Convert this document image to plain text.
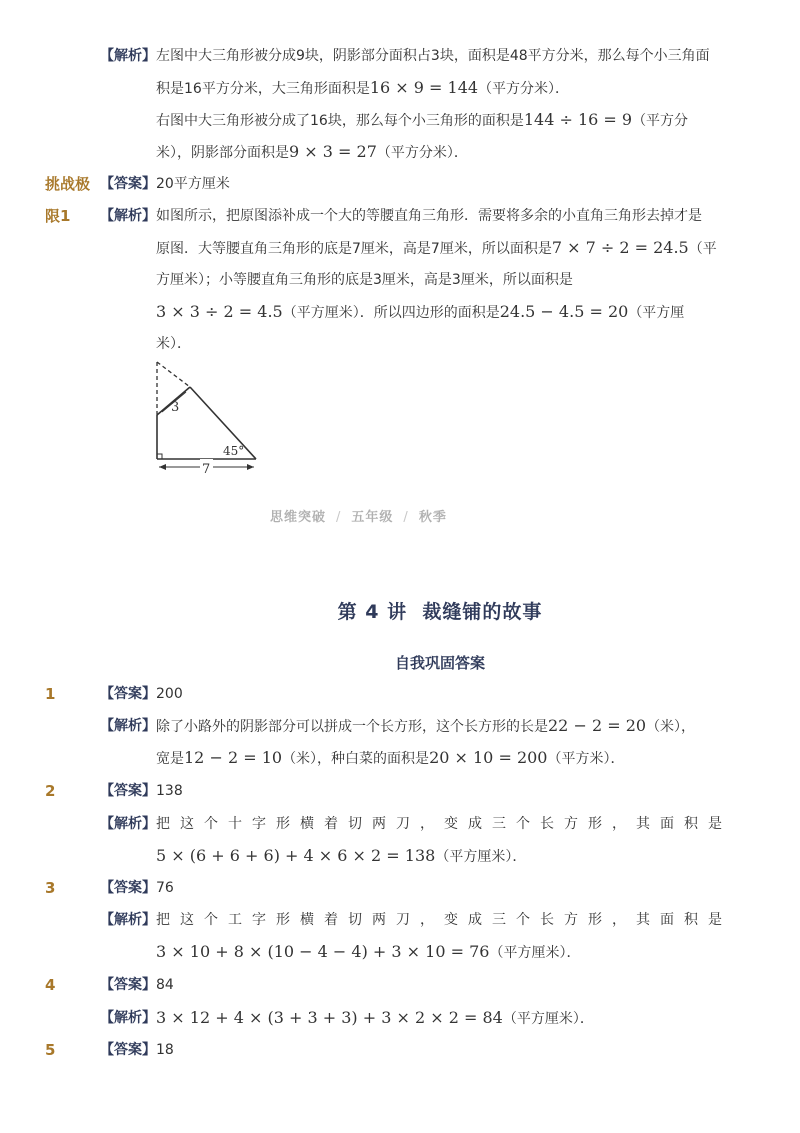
【解析】 左图中大三角形被分成9块，阴影部分面积占3块，面积是48平方分米，那么每个小三角面
积是16平方分米，大三角形面积是16 × 9 = 144（平方分米）．
右图中大三角形被分成了16块，那么每个小三角形的面积是144 ÷ 16 = 9（平方分
米），阴影部分面积是9 × 3 = 27（平方分米）．
挑战极 【答案】 20平方厘米
限1 【解析】 如图所示，把原图添补成一个大的等腰直角三角形．需要将多余的小直角三角形去掉才是
原图．大等腰直角三角形的底是7厘米，高是7厘米，所以面积是7 × 7 ÷ 2 = 24.5（平
方厘米）；小等腰直角三角形的底是3厘米，高是3厘米，所以面积是
3 × 3 ÷ 2 = 4.5（平方厘米）．所以四边形的面积是24.5 − 4.5 = 20（平方厘
米）．
3
45°
7
思维突破 / 五年级 / 秋季
第 4 讲  裁缝铺的故事
自我巩固答案
1	【答案】 200
【解析】 除了小路外的阴影部分可以拼成一个长方形，这个长方形的长是22 − 2 = 20（米），
宽是12 − 2 = 10（米），种白菜的面积是20 × 10 = 200（平方米）．
2	【答案】 138
【解析】 把这个十字形横着切两刀，变成三个长方形，其面积是
5 × (6 + 6 + 6) + 4 × 6 × 2 = 138（平方厘米）．
3	【答案】 76
【解析】 把这个工字形横着切两刀，变成三个长方形，其面积是
3 × 10 + 8 × (10 − 4 − 4) + 3 × 10 = 76（平方厘米）．
4	【答案】 84
【解析】 3 × 12 + 4 × (3 + 3 + 3) + 3 × 2 × 2 = 84（平方厘米）．
5	【答案】 18
